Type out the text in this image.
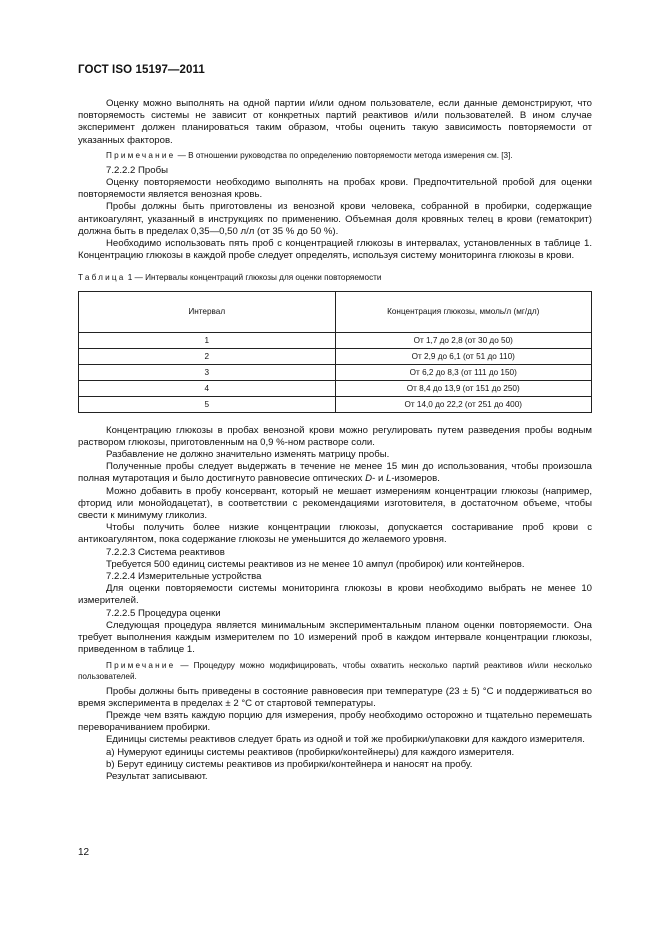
ГОСТ ISO 15197—2011

Оценку можно выполнять на одной партии и/или одном пользователе, если данные демонстрируют, что повторяемость системы не зависит от конкретных партий реактивов и/или пользователей. В ином случае эксперимент должен планироваться таким образом, чтобы оценить такую зависимость повторяемости от указанных факторов.

Примечание — В отношении руководства по определению повторяемости метода измерения см. [3].

7.2.2.2 Пробы

Оценку повторяемости необходимо выполнять на пробах крови. Предпочтительной пробой для оценки повторяемости является венозная кровь.

Пробы должны быть приготовлены из венозной крови человека, собранной в пробирки, содержащие антикоагулянт, указанный в инструкциях по применению. Объемная доля кровяных телец в крови (гематокрит) должна быть в пределах 0,35—0,50 л/л (от 35 % до 50 %).

Необходимо использовать пять проб с концентрацией глюкозы в интервалах, установленных в таблице 1. Концентрацию глюкозы в каждой пробе следует определять, используя систему мониторинга глюкозы в крови.

Таблица 1 — Интервалы концентраций глюкозы для оценки повторяемости

Интервал	Концентрация глюкозы, ммоль/л (мг/дл)
1	От 1,7 до 2,8 (от 30 до 50)
2	От 2,9 до 6,1 (от 51 до 110)
3	От 6,2 до 8,3 (от 111 до 150)
4	От 8,4 до 13,9 (от 151 до 250)
5	От 14,0 до 22,2 (от 251 до 400)

Концентрацию глюкозы в пробах венозной крови можно регулировать путем разведения пробы водным раствором глюкозы, приготовленным на 0,9 %-ном растворе соли.

Разбавление не должно значительно изменять матрицу пробы.

Полученные пробы следует выдержать в течение не менее 15 мин до использования, чтобы произошла полная мутаротация и было достигнуто равновесие оптических D- и L-изомеров.

Можно добавить в пробу консервант, который не мешает измерениям концентрации глюкозы (например, фторид или монойодацетат), в соответствии с рекомендациями изготовителя, в достаточном объеме, чтобы свести к минимуму гликолиз.

Чтобы получить более низкие концентрации глюкозы, допускается состаривание проб крови с антикоагулянтом, пока содержание глюкозы не уменьшится до желаемого уровня.

7.2.2.3 Система реактивов

Требуется 500 единиц системы реактивов из не менее 10 ампул (пробирок) или контейнеров.

7.2.2.4 Измерительные устройства

Для оценки повторяемости системы мониторинга глюкозы в крови необходимо выбрать не менее 10 измерителей.

7.2.2.5 Процедура оценки

Следующая процедура является минимальным экспериментальным планом оценки повторяемости. Она требует выполнения каждым измерителем по 10 измерений проб в каждом интервале концентрации глюкозы, приведенном в таблице 1.

Примечание — Процедуру можно модифицировать, чтобы охватить несколько партий реактивов и/или несколько пользователей.

Пробы должны быть приведены в состояние равновесия при температуре (23 ± 5) °C и поддерживаться во время эксперимента в пределах ± 2 °C от стартовой температуры.

Прежде чем взять каждую порцию для измерения, пробу необходимо осторожно и тщательно перемешать переворачиванием пробирки.

Единицы системы реактивов следует брать из одной и той же пробирки/упаковки для каждого измерителя.

a) Нумеруют единицы системы реактивов (пробирки/контейнеры) для каждого измерителя.

b) Берут единицу системы реактивов из пробирки/контейнера и наносят на пробу.

Результат записывают.

12
